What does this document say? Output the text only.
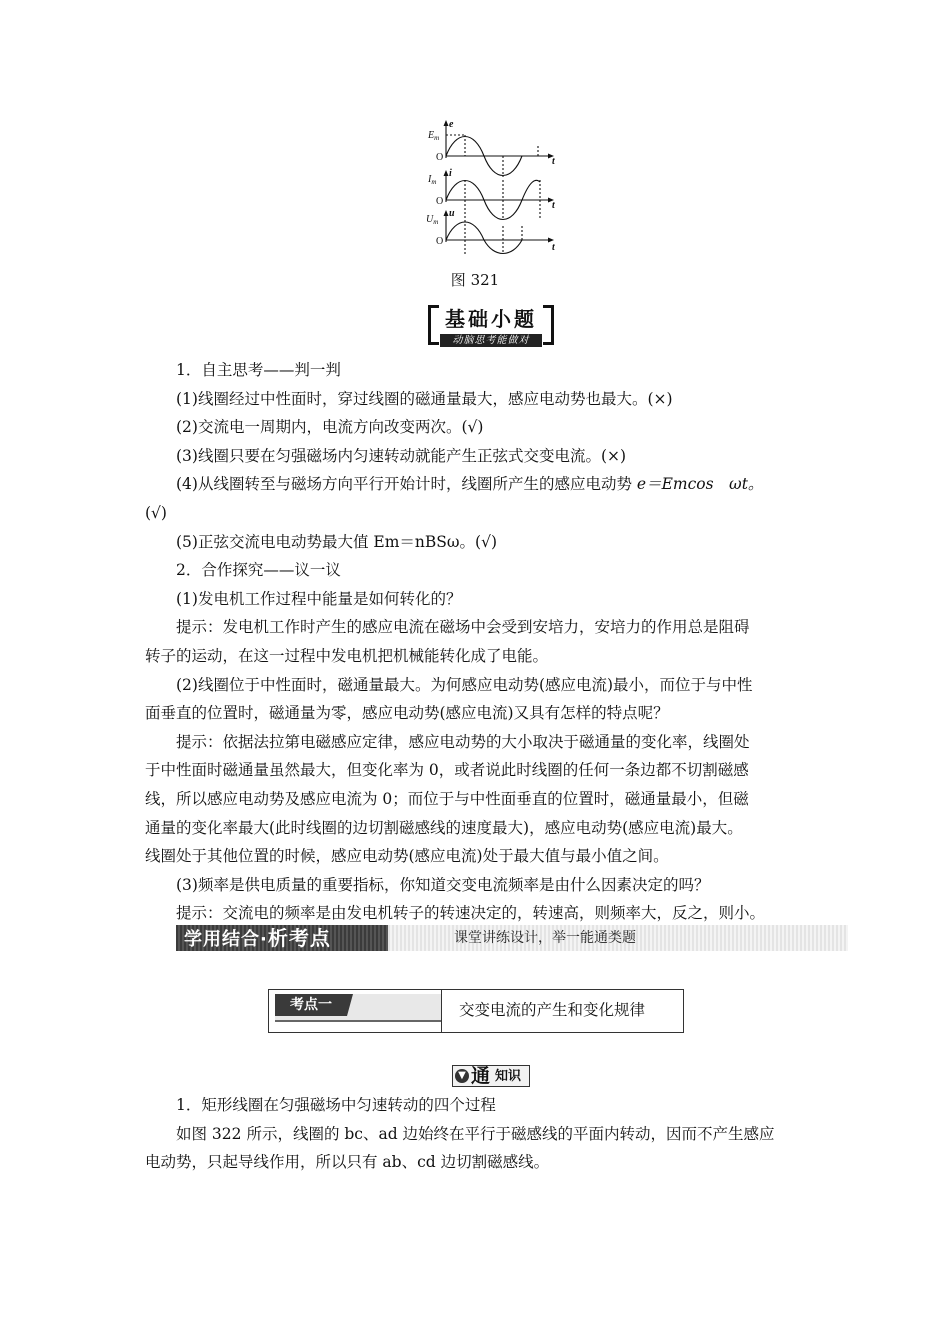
$E_m$
e
O	t
$I_m$
i
O	t
$U_m$
u
O
t
图 321
基础小题
动脑思考能做对
1．自主思考——判一判
(1)线圈经过中性面时，穿过线圈的磁通量最大，感应电动势也最大。(×)
(2)交流电一周期内，电流方向改变两次。(√)
(3)线圈只要在匀强磁场内匀速转动就能产生正弦式交变电流。(×)
(4)从线圈转至与磁场方向平行开始计时，线圈所产生的感应电动势 e＝Emcos　ωt。
(√)
(5)正弦交流电电动势最大值 Em＝nBSω。(√)
2．合作探究——议一议
(1)发电机工作过程中能量是如何转化的？
提示：发电机工作时产生的感应电流在磁场中会受到安培力，安培力的作用总是阻碍
转子的运动，在这一过程中发电机把机械能转化成了电能。
(2)线圈位于中性面时，磁通量最大。为何感应电动势(感应电流)最小，而位于与中性
面垂直的位置时，磁通量为零，感应电动势(感应电流)又具有怎样的特点呢？
提示：依据法拉第电磁感应定律，感应电动势的大小取决于磁通量的变化率，线圈处
于中性面时磁通量虽然最大，但变化率为 0，或者说此时线圈的任何一条边都不切割磁感
线，所以感应电动势及感应电流为 0；而位于与中性面垂直的位置时，磁通量最小，但磁
通量的变化率最大(此时线圈的边切割磁感线的速度最大)，感应电动势(感应电流)最大。
线圈处于其他位置的时候，感应电动势(感应电流)处于最大值与最小值之间。
(3)频率是供电质量的重要指标，你知道交变电流频率是由什么因素决定的吗？
提示：交流电的频率是由发电机转子的转速决定的，转速高，则频率大，反之，则小。
学用结合·析考点	课堂讲练设计，举一能通类题
考点一	交变电流的产生和变化规律
▼ 通 知识
1．矩形线圈在匀强磁场中匀速转动的四个过程
如图 322 所示，线圈的 bc、ad 边始终在平行于磁感线的平面内转动，因而不产生感应
电动势，只起导线作用，所以只有 ab、cd 边切割磁感线。
